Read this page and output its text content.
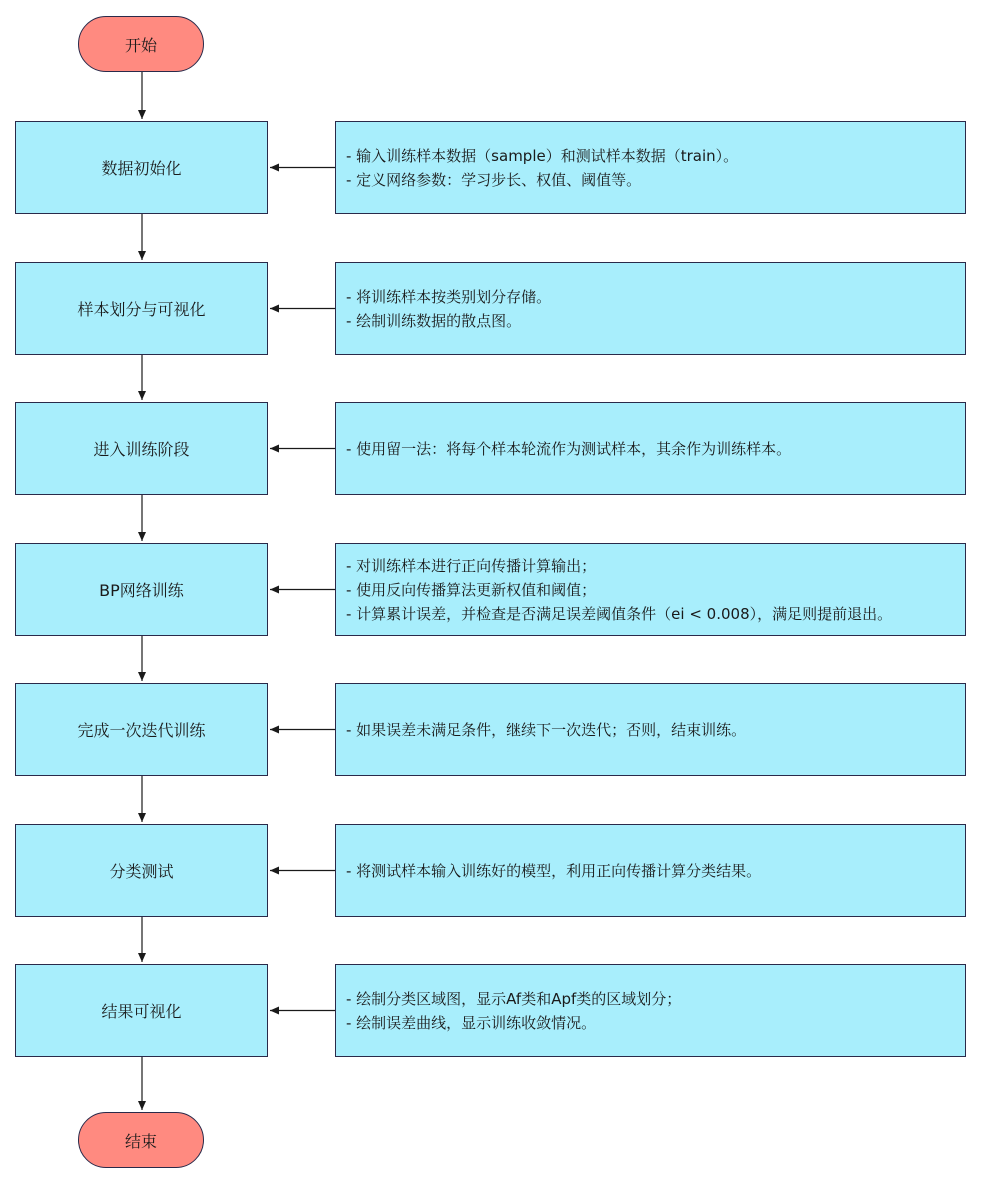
开始
数据初始化
- 输入训练样本数据（sample）和测试样本数据（train）。
- 定义网络参数：学习步长、权值、阈值等。
样本划分与可视化
- 将训练样本按类别划分存储。
- 绘制训练数据的散点图。
进入训练阶段	- 使用留一法：将每个样本轮流作为测试样本，其余作为训练样本。
BP网络训练
- 对训练样本进行正向传播计算输出；
- 使用反向传播算法更新权值和阈值；
- 计算累计误差，并检查是否满足误差阈值条件（ei < 0.008），满足则提前退出。
完成一次迭代训练	- 如果误差未满足条件，继续下一次迭代；否则，结束训练。
分类测试	- 将测试样本输入训练好的模型，利用正向传播计算分类结果。
结果可视化
- 绘制分类区域图，显示Af类和Apf类的区域划分；
- 绘制误差曲线，显示训练收敛情况。
结束
